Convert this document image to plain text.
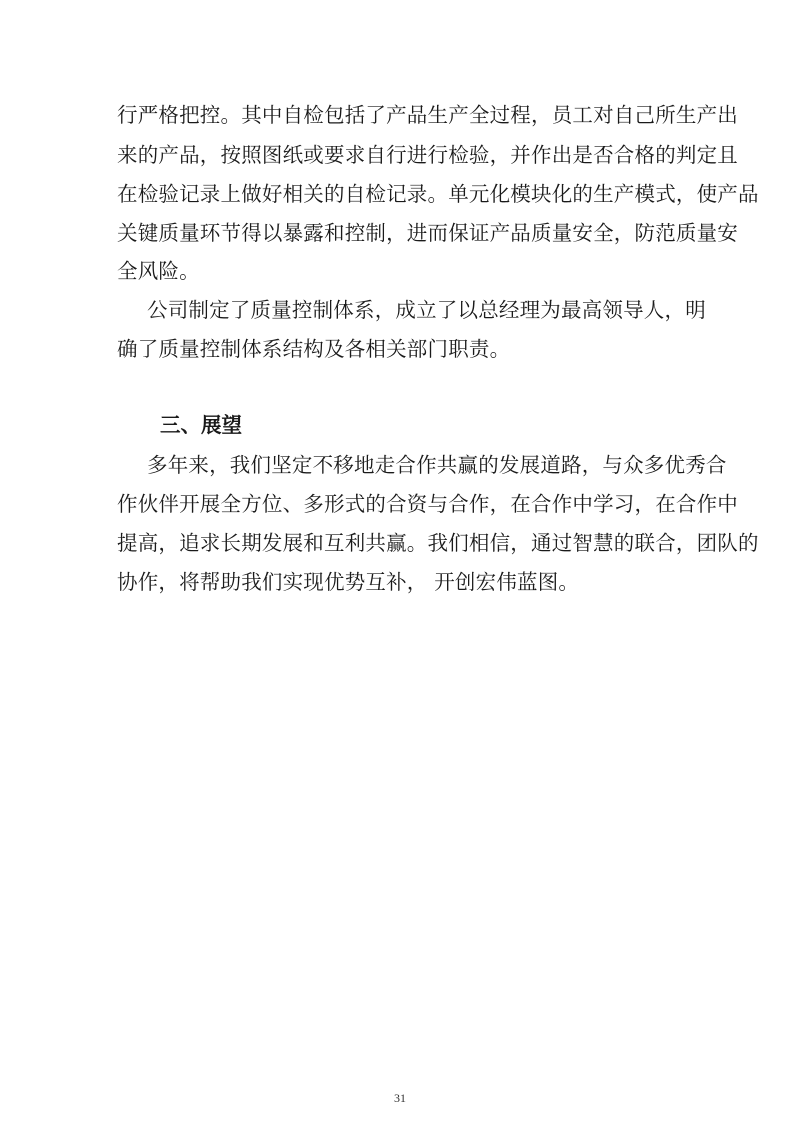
行严格把控。其中自检包括了产品生产全过程，员工对自己所生产出
来的产品，按照图纸或要求自行进行检验，并作出是否合格的判定且
在检验记录上做好相关的自检记录。单元化模块化的生产模式，使产品
关键质量环节得以暴露和控制，进而保证产品质量安全，防范质量安
全风险。
公司制定了质量控制体系，成立了以总经理为最高领导人，明
确了质量控制体系结构及各相关部门职责。
三、展望
多年来，我们坚定不移地走合作共赢的发展道路，与众多优秀合
作伙伴开展全方位、多形式的合资与合作，在合作中学习，在合作中
提高，追求长期发展和互利共赢。我们相信，通过智慧的联合，团队的
协作，将帮助我们实现优势互补， 开创宏伟蓝图。
31
